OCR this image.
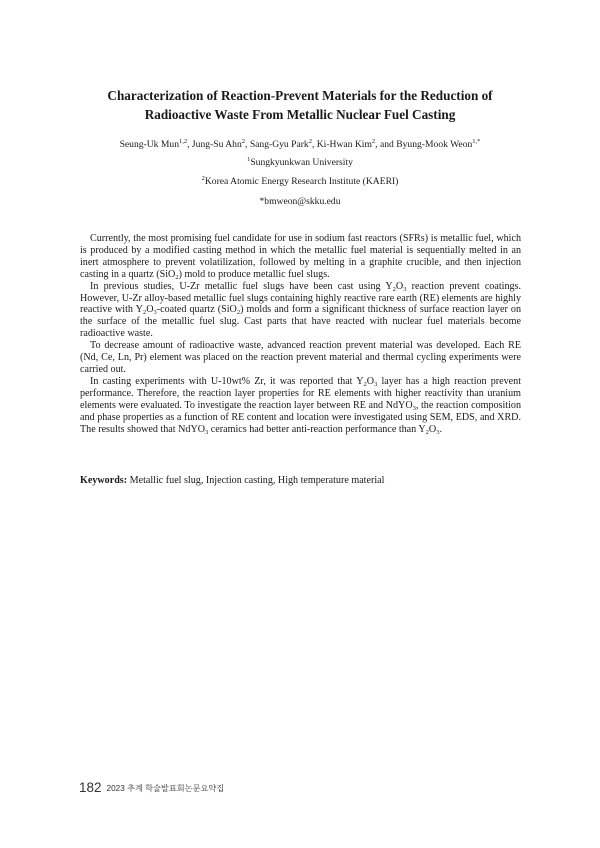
Characterization of Reaction-Prevent Materials for the Reduction of
Radioactive Waste From Metallic Nuclear Fuel Casting
Seung-Uk Mun$^{1,2}$, Jung-Su Ahn$^2$, Sang-Gyu Park$^2$, Ki-Hwan Kim$^2$, and Byung-Mook Weon$^{1,*}$
$^1$Sungkyunkwan University
$^2$Korea Atomic Energy Research Institute (KAERI)
*bmweon@skku.edu

Currently, the most promising fuel candidate for use in sodium fast reactors (SFRs) is metallic fuel, which is produced by a modified casting method in which the metallic fuel material is sequentially melted in an inert atmosphere to prevent volatilization, followed by melting in a graphite crucible, and then injection casting in a quartz (SiO$_2$) mold to produce metallic fuel slugs.

In previous studies, U-Zr metallic fuel slugs have been cast using $Y_2O_3$ reaction prevent coatings. However, U-Zr alloy-based metallic fuel slugs containing highly reactive rare earth (RE) elements are highly reactive with $Y_2O_3$-coated quartz (SiO$_2$) molds and form a significant thickness of surface reaction layer on the surface of the metallic fuel slug. Cast parts that have reacted with nuclear fuel materials become radioactive waste.

To decrease amount of radioactive waste, advanced reaction prevent material was developed. Each RE (Nd, Ce, Ln, Pr) element was placed on the reaction prevent material and thermal cycling experiments were carried out.

In casting experiments with U-10wt% Zr, it was reported that $Y_2O_3$ layer has a high reaction prevent performance. Therefore, the reaction layer properties for RE elements with higher reactivity than uranium elements were evaluated. To investigate the reaction layer between RE and NdYO$_3$, the reaction composition and phase properties as a function of RE content and location were investigated using SEM, EDS, and XRD. The results showed that NdYO$_3$ ceramics had better anti-reaction performance than $Y_2O_3$.

Keywords: Metallic fuel slug, Injection casting, High temperature material
182 2023 추계 학술발표회논문요약집
